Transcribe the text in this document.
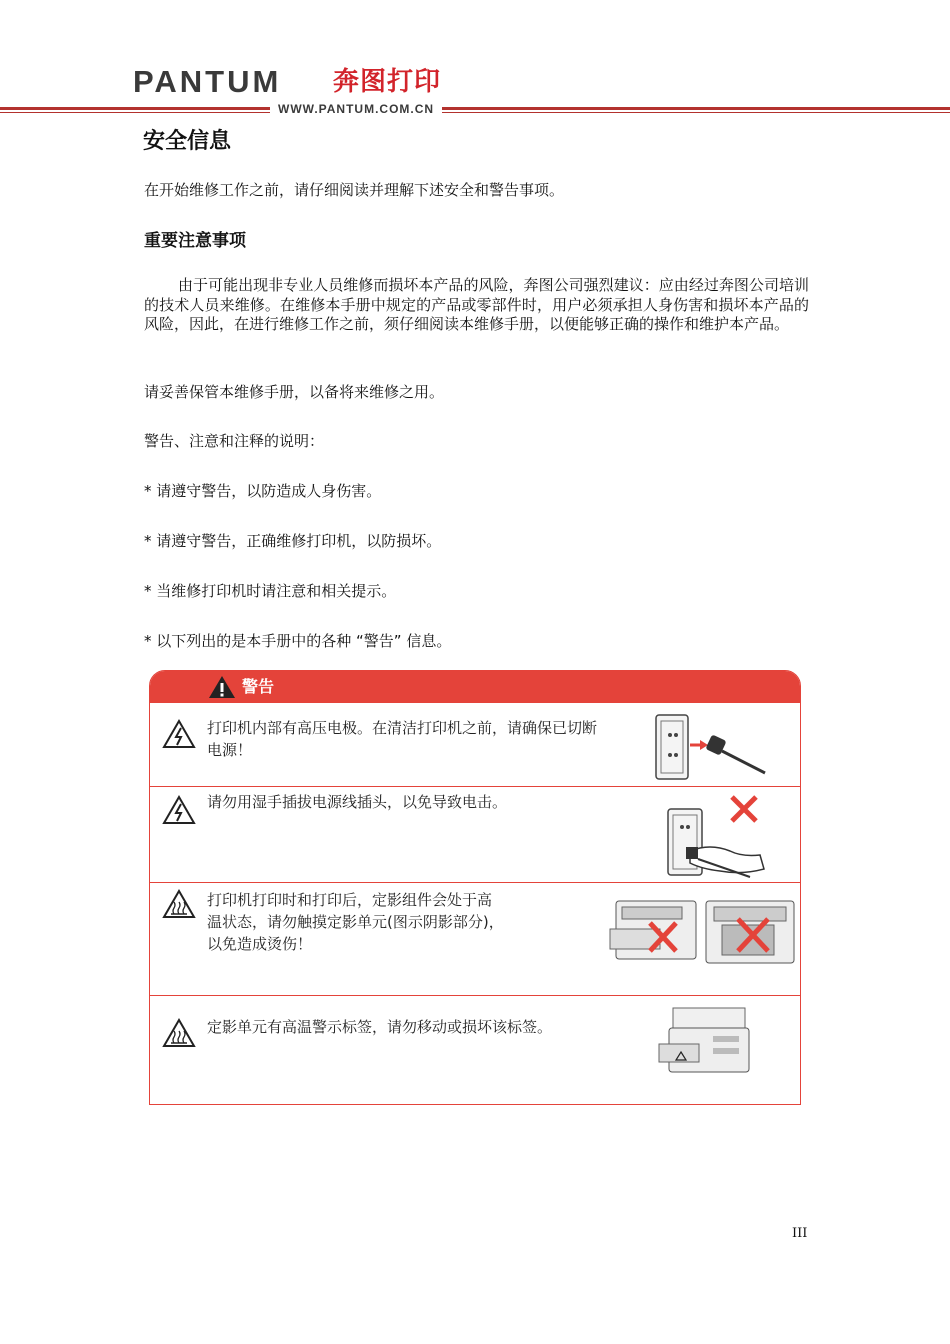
PANTUM 奔图打印
WWW.PANTUM.COM.CN
安全信息
在开始维修工作之前，请仔细阅读并理解下述安全和警告事项。
重要注意事项
由于可能出现非专业人员维修而损坏本产品的风险，奔图公司强烈建议：应由经过奔图公司培训的技术人员来维修。在维修本手册中规定的产品或零部件时，用户必须承担人身伤害和损坏本产品的风险，因此，在进行维修工作之前，须仔细阅读本维修手册，以便能够正确的操作和维护本产品。
请妥善保管本维修手册，以备将来维修之用。
警告、注意和注释的说明：
* 请遵守警告，以防造成人身伤害。
* 请遵守警告，正确维修打印机，以防损坏。
* 当维修打印机时请注意和相关提示。
* 以下列出的是本手册中的各种 “警告” 信息。
警告
打印机内部有高压电极。在清洁打印机之前，请确保已切断
电源！
请勿用湿手插拔电源线插头，以免导致电击。
打印机打印时和打印后，定影组件会处于高
温状态，请勿触摸定影单元(图示阴影部分)，
以免造成烫伤！
定影单元有高温警示标签，请勿移动或损坏该标签。
III
